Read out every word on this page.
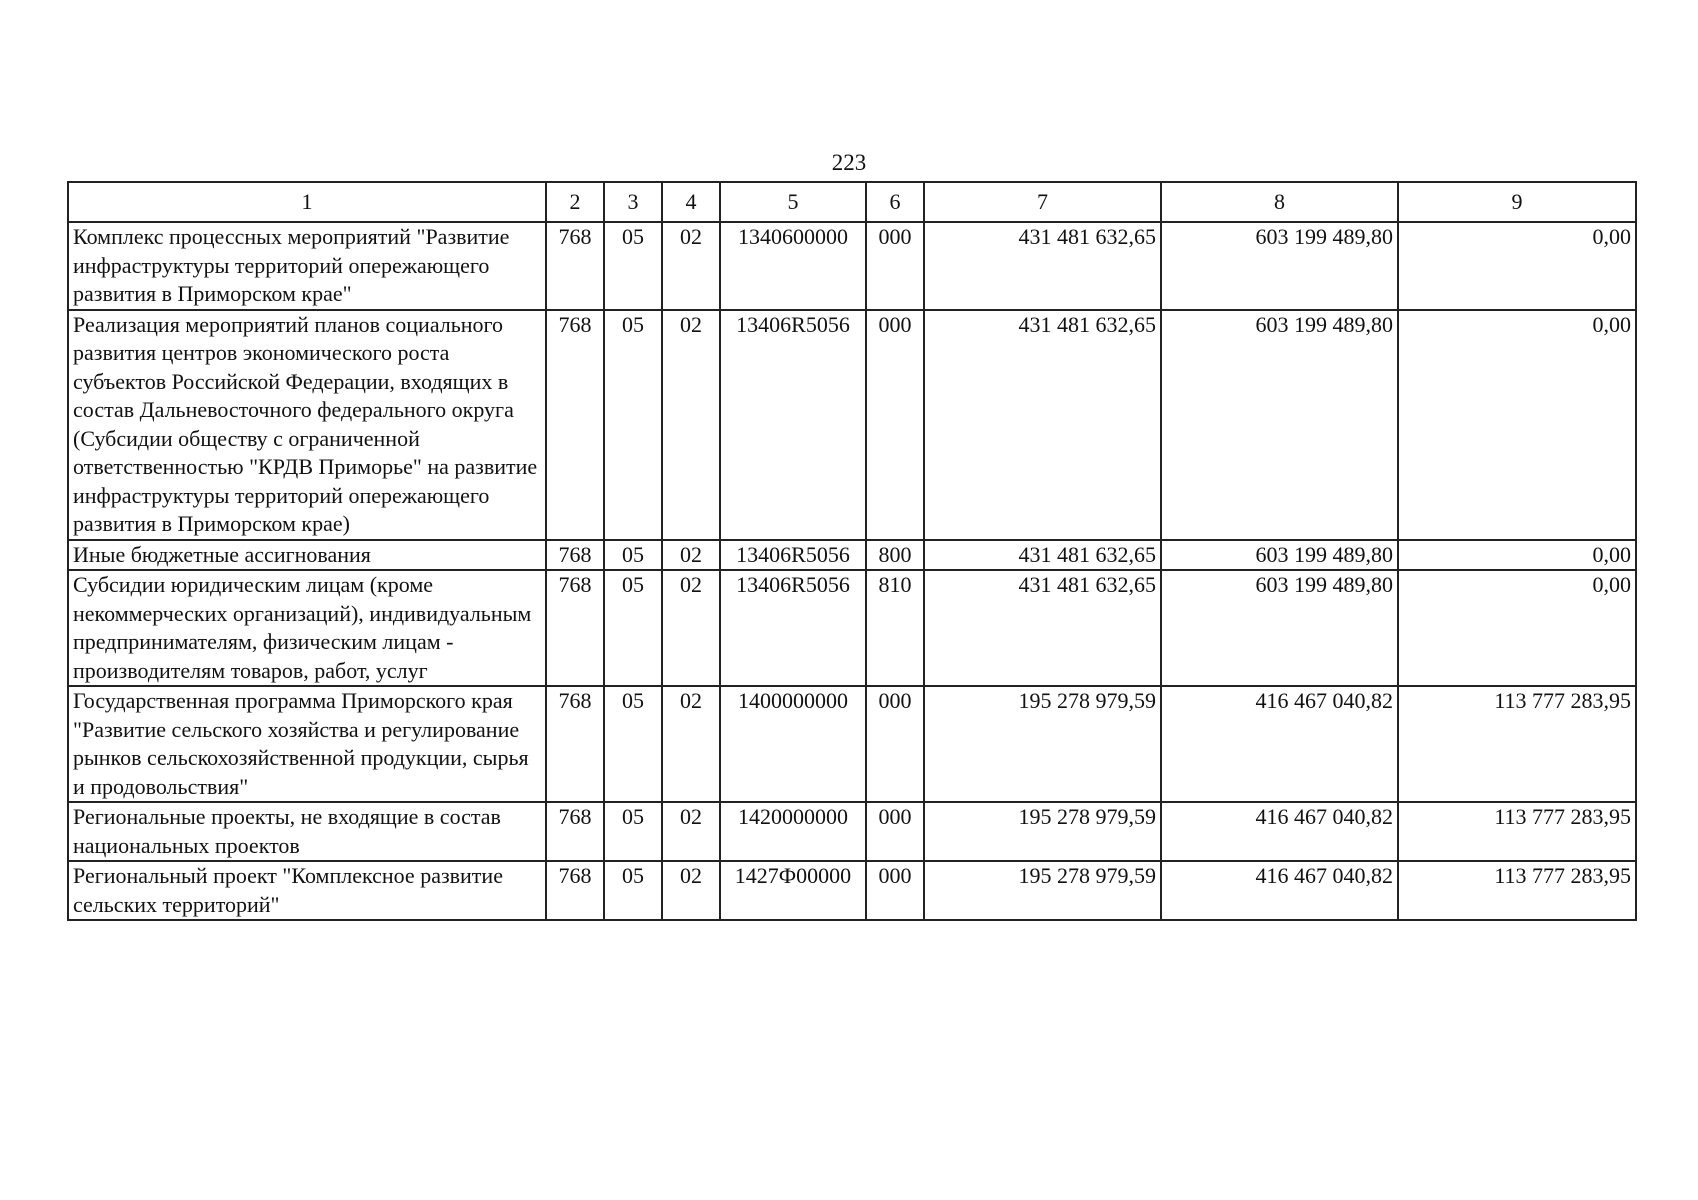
223
1	2	3	4	5	6	7	8	9
Комплекс процессных мероприятий "Развитие инфраструктуры территорий опережающего развития в Приморском крае"	768	05	02	1340600000	000	431 481 632,65	603 199 489,80	0,00
Реализация мероприятий планов социального развития центров экономического роста субъектов Российской Федерации, входящих в состав Дальневосточного федерального округа (Субсидии обществу с ограниченной ответственностью "КРДВ Приморье" на развитие инфраструктуры территорий опережающего развития в Приморском крае)	768	05	02	13406R5056	000	431 481 632,65	603 199 489,80	0,00
Иные бюджетные ассигнования	768	05	02	13406R5056	800	431 481 632,65	603 199 489,80	0,00
Субсидии юридическим лицам (кроме некоммерческих организаций), индивидуальным предпринимателям, физическим лицам - производителям товаров, работ, услуг	768	05	02	13406R5056	810	431 481 632,65	603 199 489,80	0,00
Государственная программа Приморского края "Развитие сельского хозяйства и регулирование рынков сельскохозяйственной продукции, сырья и продовольствия"	768	05	02	1400000000	000	195 278 979,59	416 467 040,82	113 777 283,95
Региональные проекты, не входящие в состав национальных проектов	768	05	02	1420000000	000	195 278 979,59	416 467 040,82	113 777 283,95
Региональный проект "Комплексное развитие сельских территорий"	768	05	02	1427Ф00000	000	195 278 979,59	416 467 040,82	113 777 283,95
